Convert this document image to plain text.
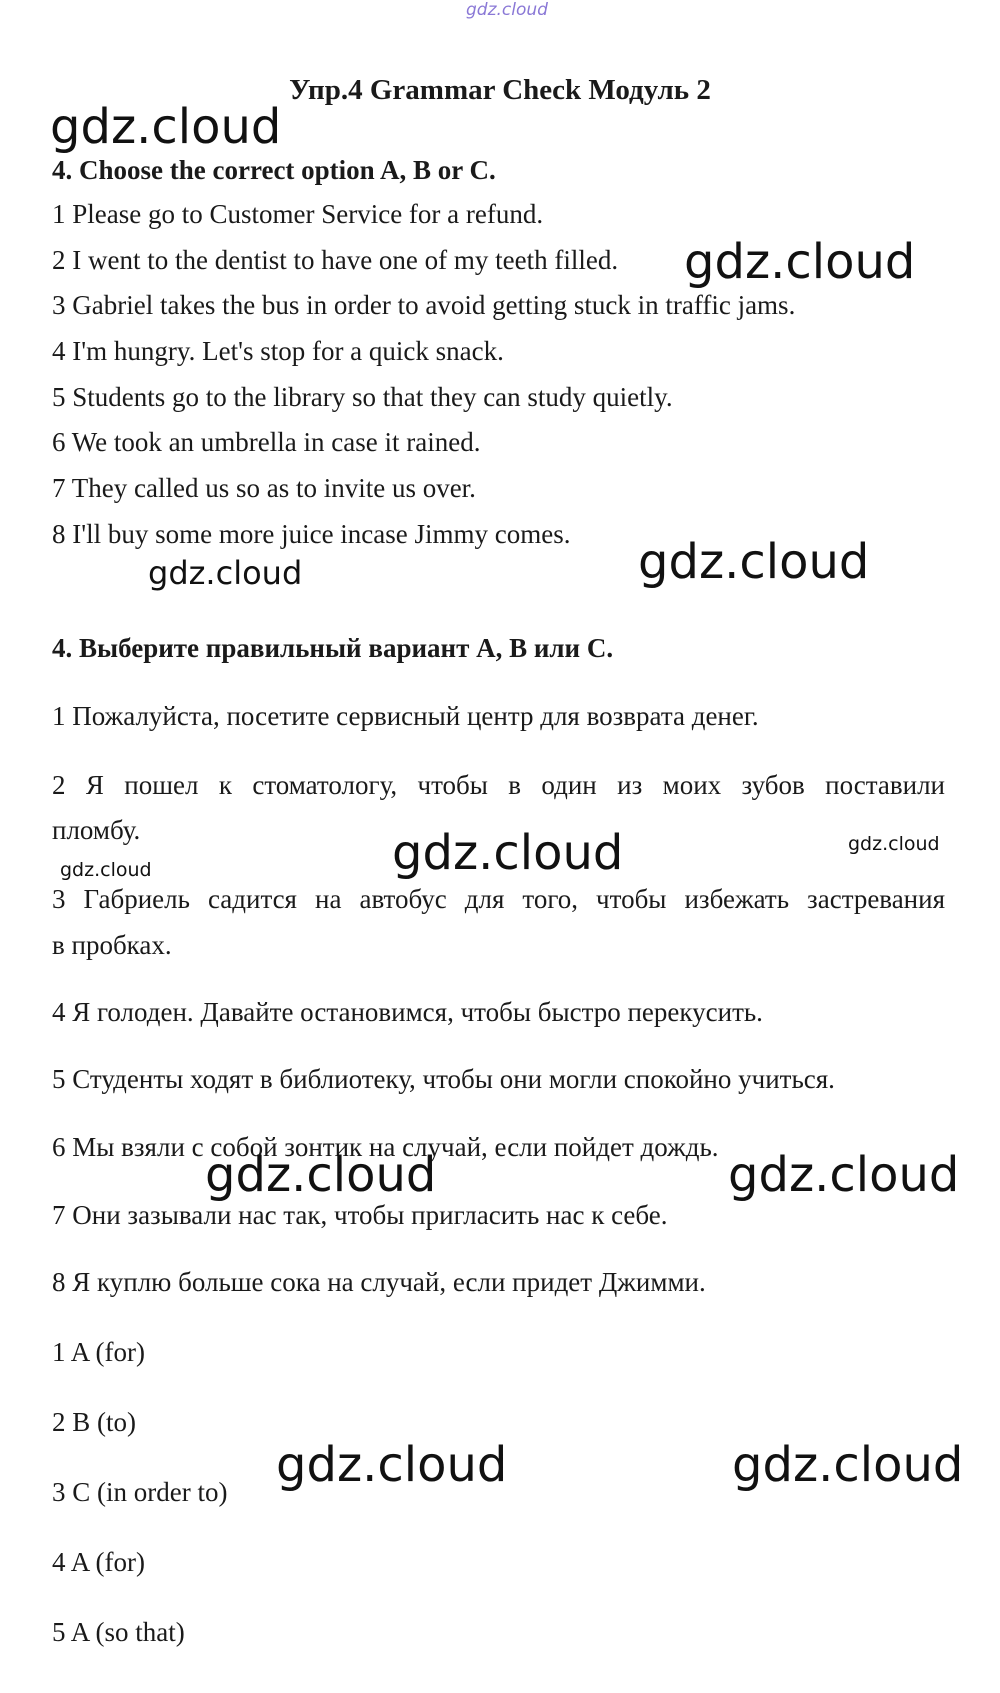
gdz.cloud
Упр.4 Grammar Check Модуль 2
4. Choose the correct option A, B or C.
1 Please go to Customer Service for a refund.
2 I went to the dentist to have one of my teeth filled.
3 Gabriel takes the bus in order to avoid getting stuck in traffic jams.
4 I'm hungry. Let's stop for a quick snack.
5 Students go to the library so that they can study quietly.
6 We took an umbrella in case it rained.
7 They called us so as to invite us over.
8 I'll buy some more juice incase Jimmy comes.
4. Выберите правильный вариант А, В или С.
1 Пожалуйста, посетите сервисный центр для возврата денег.
2 Я пошел к стоматологу, чтобы в один из моих зубов поставили
пломбу.
3 Габриель садится на автобус для того, чтобы избежать застревания
в пробках.
4 Я голоден. Давайте остановимся, чтобы быстро перекусить.
5 Студенты ходят в библиотеку, чтобы они могли спокойно учиться.
6 Мы взяли с собой зонтик на случай, если пойдет дождь.
7 Они зазывали нас так, чтобы пригласить нас к себе.
8 Я куплю больше сока на случай, если придет Джимми.
1 A (for)
2 B (to)
3 C (in order to)
4 A (for)
5 A (so that)
gdz.cloud
gdz.cloud
gdz.cloud
gdz.cloud
gdz.cloud
gdz.cloud
gdz.cloud
gdz.cloud	gdz.cloud
gdz.cloud	gdz.cloud
